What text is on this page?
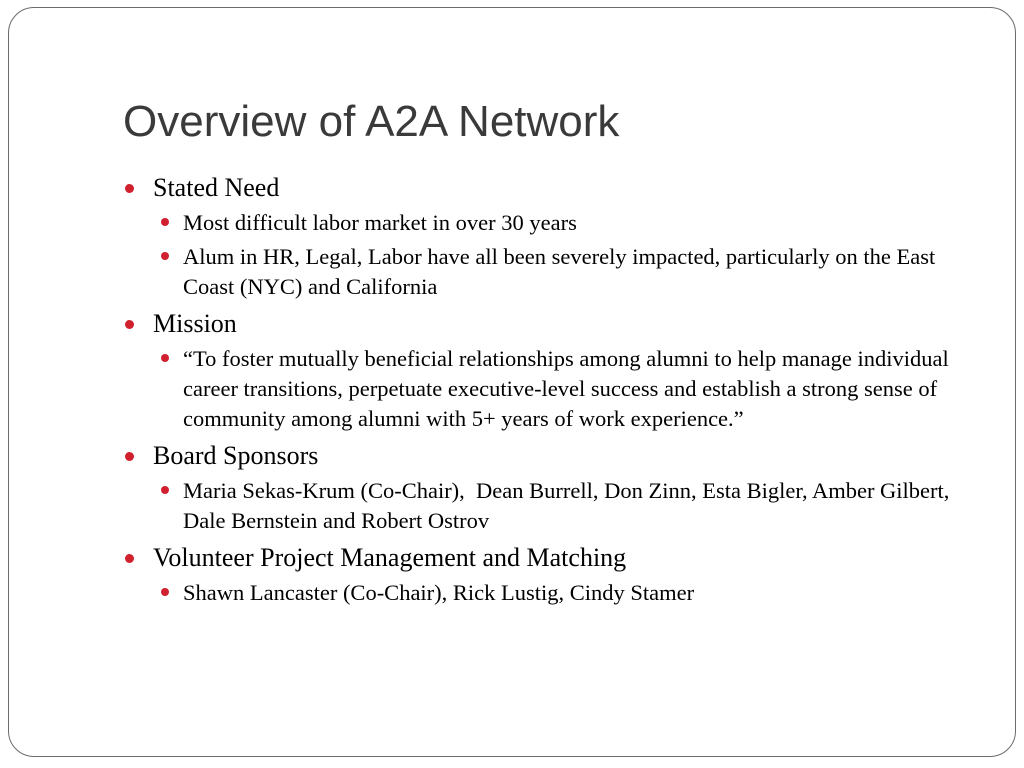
Overview of A2A Network
Stated Need
Most difficult labor market in over 30 years
Alum in HR, Legal, Labor have all been severely impacted, particularly on the East Coast (NYC) and California
Mission
“To foster mutually beneficial relationships among alumni to help manage individual career transitions, perpetuate executive-level success and establish a strong sense of community among alumni with 5+ years of work experience.”
Board Sponsors
Maria Sekas-Krum (Co-Chair),  Dean Burrell, Don Zinn, Esta Bigler, Amber Gilbert, Dale Bernstein and Robert Ostrov
Volunteer Project Management and Matching
Shawn Lancaster (Co-Chair), Rick Lustig, Cindy Stamer
